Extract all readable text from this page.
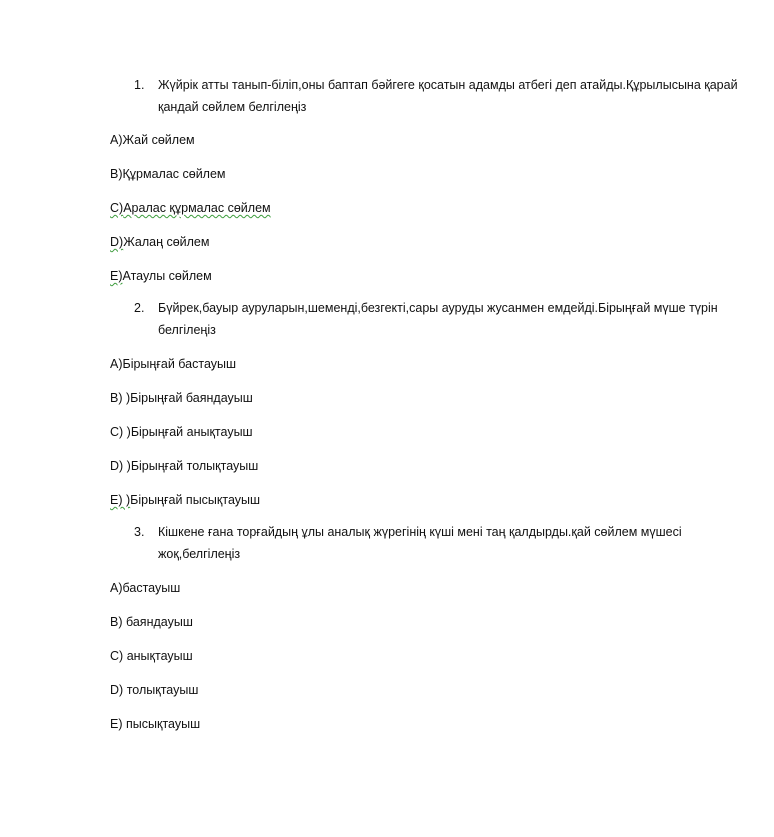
1. Жүйрік атты танып-біліп,оны баптап бәйгеге қосатын адамды атбегі деп атайды.Құрылысына қарай қандай сөйлем белгілеңіз
А)Жай сөйлем
В)Құрмалас сөйлем
С)Аралас құрмалас сөйлем
D)Жалаң сөйлем
Е)Атаулы сөйлем
2. Бүйрек,бауыр ауруларын,шеменді,безгекті,сары ауруды жусанмен емдейді.Бірыңғай мүше түрін белгілеңіз
А)Бірыңғай бастауыш
В) )Бірыңғай баяндауыш
С) )Бірыңғай анықтауыш
D) )Бірыңғай толықтауыш
Е) )Бірыңғай пысықтауыш
3. Кішкене ғана торғайдың ұлы аналық жүрегінің күші мені таң қалдырды.қай сөйлем мүшесі жоқ,белгілеңіз
А)бастауыш
В) баяндауыш
С) анықтауыш
D) толықтауыш
Е) пысықтауыш
